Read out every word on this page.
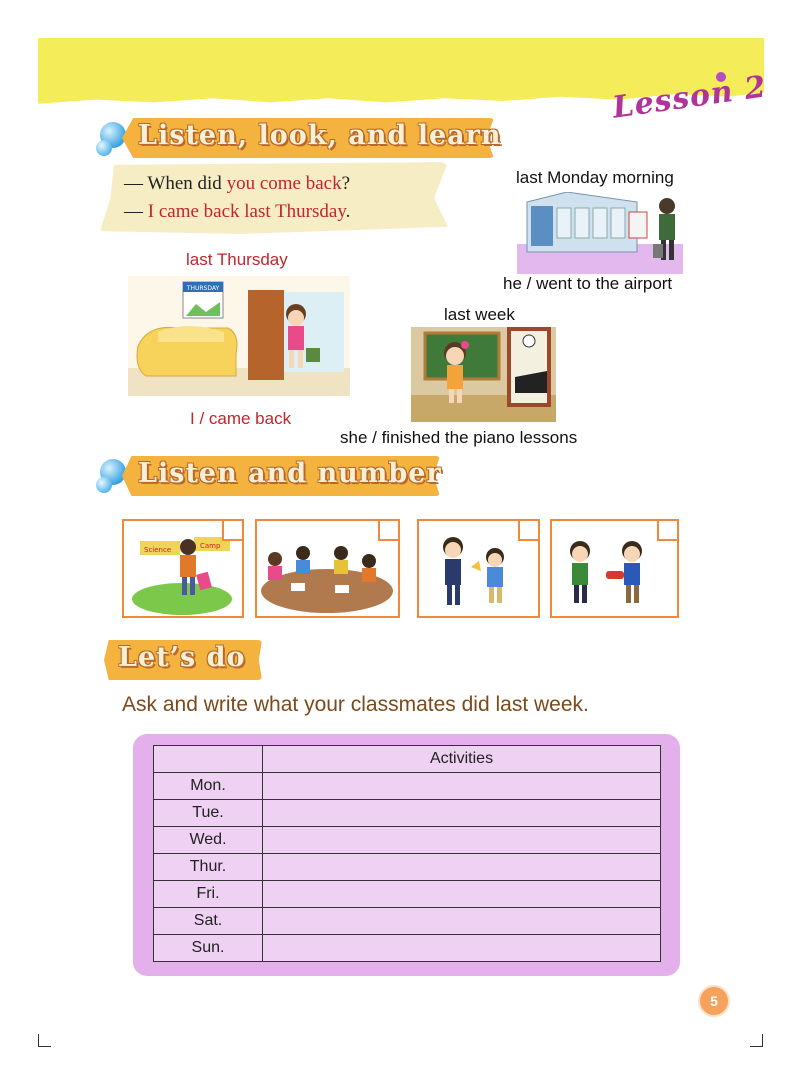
Lesson 2
Listen, look, and learn
— When did you come back?
— I came back last Thursday.
last Thursday
THURSDAY
I / came back
last Monday morning
he / went to the airport
last week
she / finished the piano lessons
Listen and number
Science	Camp
Let’s do
Ask and write what your classmates did last week.
	Activities
Mon.	
Tue.	
Wed.	
Thur.	
Fri.	
Sat.	
Sun.	
5
